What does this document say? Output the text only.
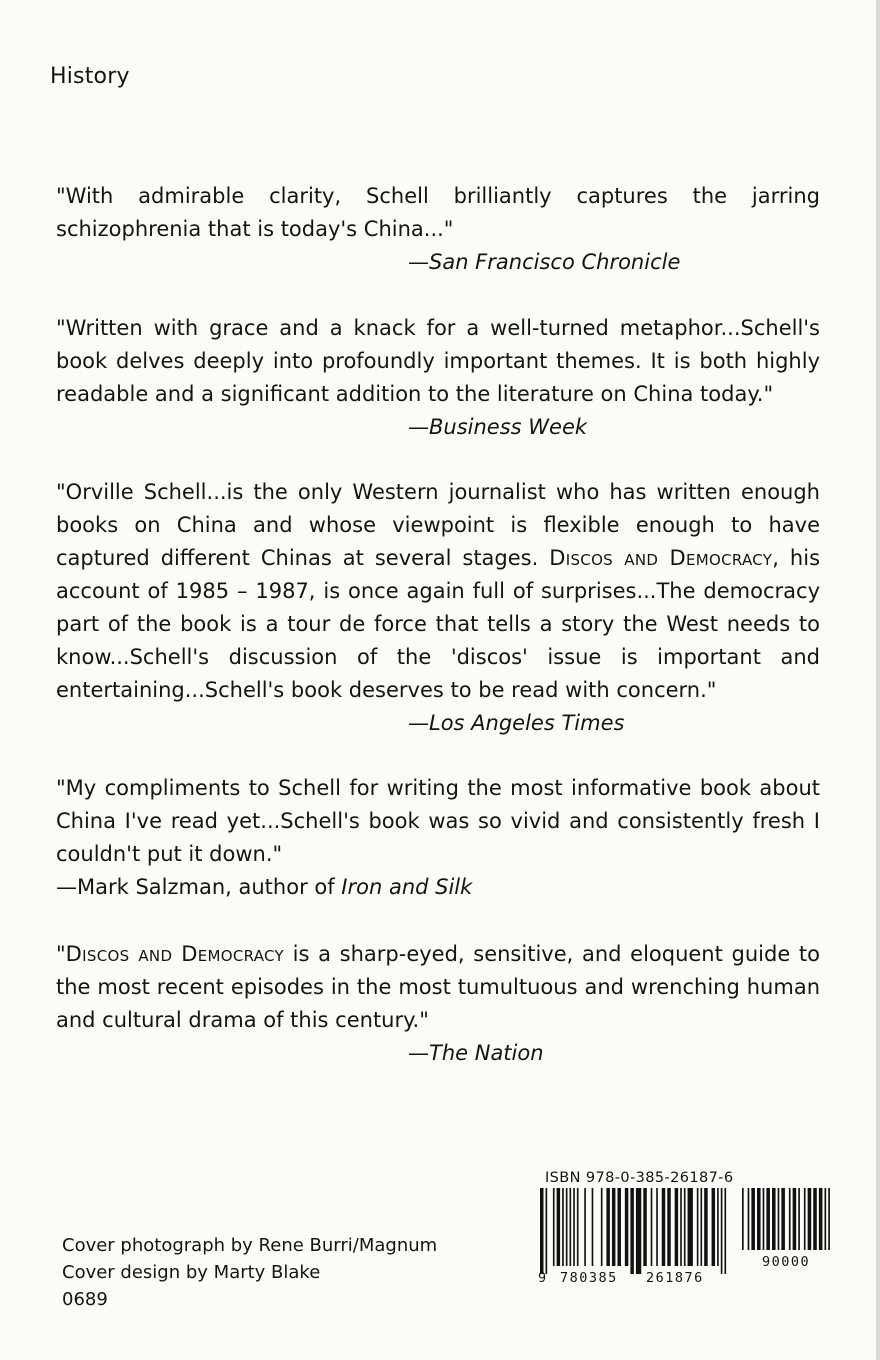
History

"With admirable clarity, Schell brilliantly captures the jarring schizophrenia that is today's China..."

—San Francisco Chronicle

"Written with grace and a knack for a well-turned metaphor...Schell's book delves deeply into profoundly important themes. It is both highly readable and a significant addition to the literature on China today."

—Business Week

"Orville Schell...is the only Western journalist who has written enough books on China and whose viewpoint is flexible enough to have captured different Chinas at several stages. Discos and Democracy, his account of 1985 – 1987, is once again full of surprises...The democracy part of the book is a tour de force that tells a story the West needs to know...Schell's discussion of the 'discos' issue is important and entertaining...Schell's book deserves to be read with concern."

—Los Angeles Times

"My compliments to Schell for writing the most informative book about China I've read yet...Schell's book was so vivid and consistently fresh I couldn't put it down."

—Mark Salzman, author of Iron and Silk

"Discos and Democracy is a sharp-eyed, sensitive, and eloquent guide to the most recent episodes in the most tumultuous and wrenching human and cultural drama of this century."

—The Nation

Cover photograph by Rene Burri/Magnum
Cover design by Marty Blake
0689
ISBN 978-0-385-26187-6
9 780385 261876
90000
